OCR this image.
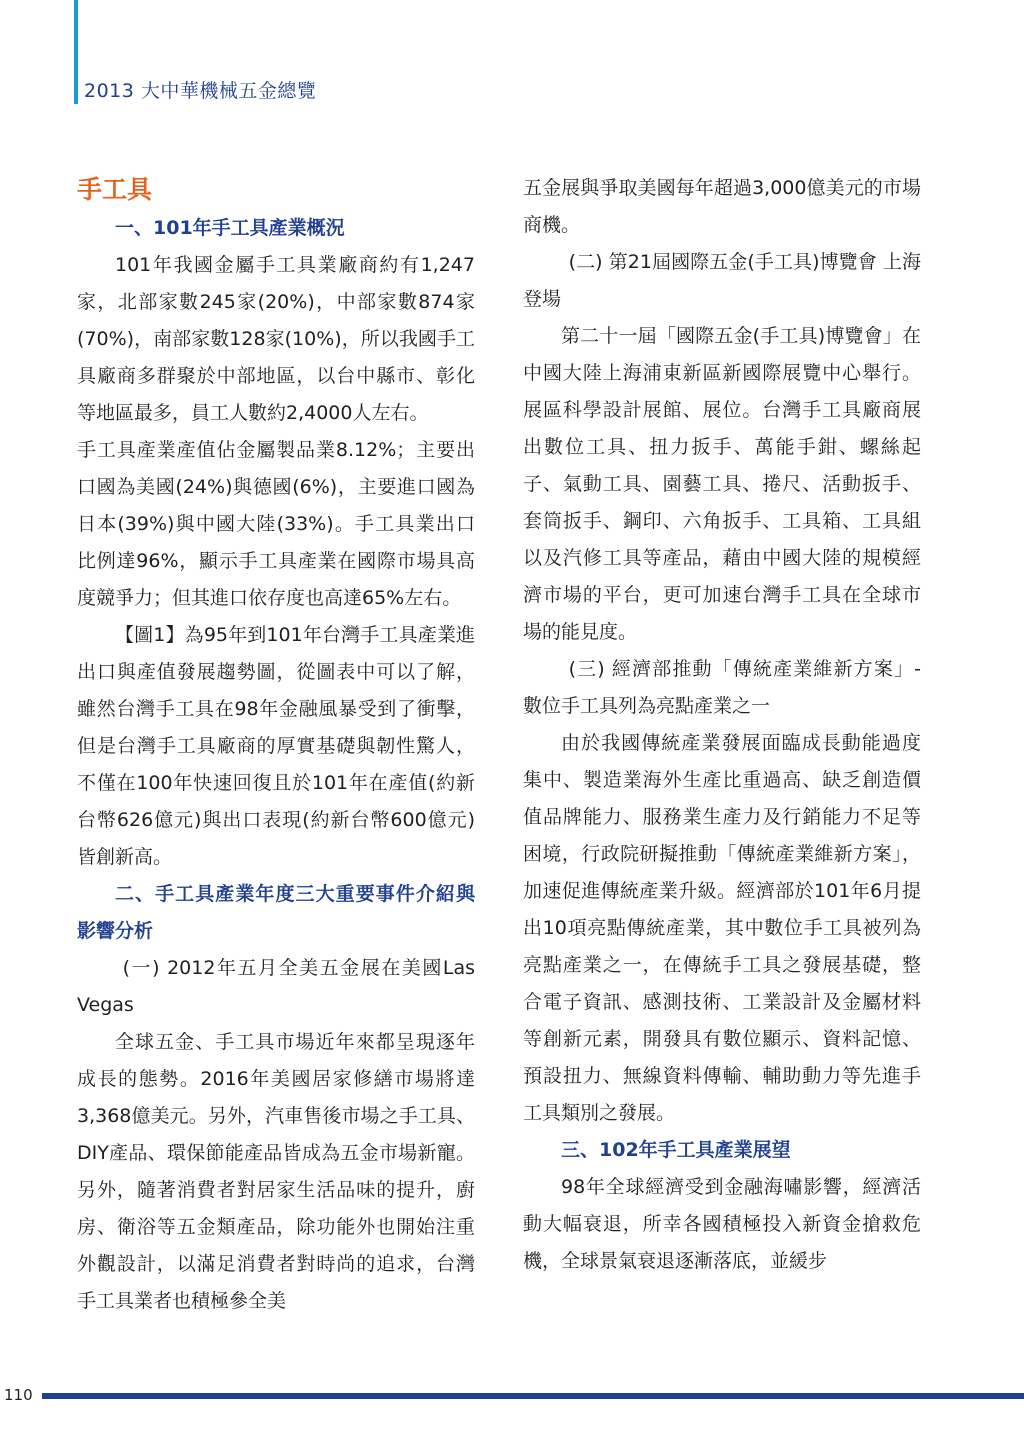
2013 大中華機械五金總覽
手工具
一、101年手工具產業概況

101年我國金屬手工具業廠商約有1,247家，北部家數245家(20%)，中部家數874家(70%)，南部家數128家(10%)，所以我國手工具廠商多群聚於中部地區，以台中縣市、彰化等地區最多，員工人數約2,4000人左右。

手工具產業產值佔金屬製品業8.12%；主要出口國為美國(24%)與德國(6%)，主要進口國為日本(39%)與中國大陸(33%)。手工具業出口比例達96%，顯示手工具產業在國際市場具高度競爭力；但其進口依存度也高達65%左右。

【圖1】為95年到101年台灣手工具產業進出口與產值發展趨勢圖，從圖表中可以了解，雖然台灣手工具在98年金融風暴受到了衝擊，但是台灣手工具廠商的厚實基礎與韌性驚人，不僅在100年快速回復且於101年在產值(約新台幣626億元)與出口表現(約新台幣600億元)皆創新高。

二、手工具產業年度三大重要事件介紹與影響分析

(一) 2012年五月全美五金展在美國Las Vegas

全球五金、手工具市場近年來都呈現逐年成長的態勢。2016年美國居家修繕市場將達3,368億美元。另外，汽車售後市場之手工具、DIY產品、環保節能產品皆成為五金市場新寵。另外，隨著消費者對居家生活品味的提升，廚房、衛浴等五金類產品，除功能外也開始注重外觀設計，以滿足消費者對時尚的追求，台灣手工具業者也積極參全美

五金展與爭取美國每年超過3,000億美元的市場商機。

(二) 第21屆國際五金(手工具)博覽會 上海登場

第二十一屆「國際五金(手工具)博覽會」在中國大陸上海浦東新區新國際展覽中心舉行。展區科學設計展館、展位。台灣手工具廠商展出數位工具、扭力扳手、萬能手鉗、螺絲起子、氣動工具、園藝工具、捲尺、活動扳手、套筒扳手、鋼印、六角扳手、工具箱、工具組以及汽修工具等產品，藉由中國大陸的規模經濟市場的平台，更可加速台灣手工具在全球市場的能見度。

(三) 經濟部推動「傳統產業維新方案」- 數位手工具列為亮點產業之一

由於我國傳統產業發展面臨成長動能過度集中、製造業海外生產比重過高、缺乏創造價值品牌能力、服務業生產力及行銷能力不足等困境，行政院研擬推動「傳統產業維新方案」，加速促進傳統產業升級。經濟部於101年6月提出10項亮點傳統產業，其中數位手工具被列為亮點產業之一，在傳統手工具之發展基礎，整合電子資訊、感測技術、工業設計及金屬材料等創新元素，開發具有數位顯示、資料記憶、預設扭力、無線資料傳輸、輔助動力等先進手工具類別之發展。

三、102年手工具產業展望

98年全球經濟受到金融海嘯影響，經濟活動大幅衰退，所幸各國積極投入新資金搶救危機，全球景氣衰退逐漸落底，並緩步

110
